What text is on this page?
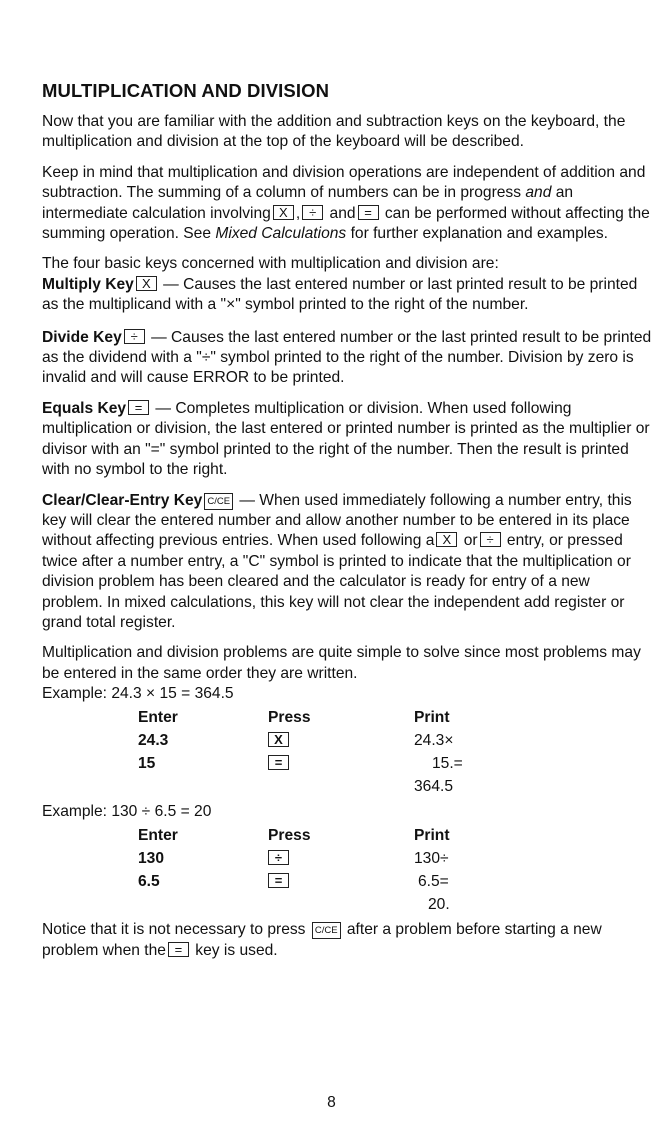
MULTIPLICATION AND DIVISION

Now that you are familiar with the addition and subtraction keys on the keyboard, the multiplication and division at the top of the keyboard will be described.

Keep in mind that multiplication and division operations are independent of addition and subtraction. The summing of a column of numbers can be in progress and an intermediate calculation involving X , ÷ and = can be performed without affecting the summing operation. See Mixed Calculations for further explanation and examples.

The four basic keys concerned with multiplication and division are:
Multiply Key X — Causes the last entered number or last printed result to be printed as the multiplicand with a "×" symbol printed to the right of the number.

Divide Key ÷ — Causes the last entered number or the last printed result to be printed as the dividend with a "÷" symbol printed to the right of the number. Division by zero is invalid and will cause ERROR to be printed.

Equals Key = — Completes multiplication or division. When used following multiplication or division, the last entered or printed number is printed as the multiplier or divisor with an "=" symbol printed to the right of the number. Then the result is printed with no symbol to the right.

Clear/Clear-Entry Key C/CE — When used immediately following a number entry, this key will clear the entered number and allow another number to be entered in its place without affecting previous entries. When used following a X or ÷ entry, or pressed twice after a number entry, a "C" symbol is printed to indicate that the multiplication or division problem has been cleared and the calculator is ready for entry of a new problem. In mixed calculations, this key will not clear the independent add register or grand total register.

Multiplication and division problems are quite simple to solve since most problems may be entered in the same order they are written.

Example: 24.3 × 15 = 364.5

	Enter	Press	Print
	24.3	X	24.3×
	15	=	15.=
			364.5

Example: 130 ÷ 6.5 = 20

	Enter	Press	Print
	130	÷	130÷
	6.5	=	6.5=
			20.

Notice that it is not necessary to press C/CE after a problem before starting a new problem when the = key is used.

8
